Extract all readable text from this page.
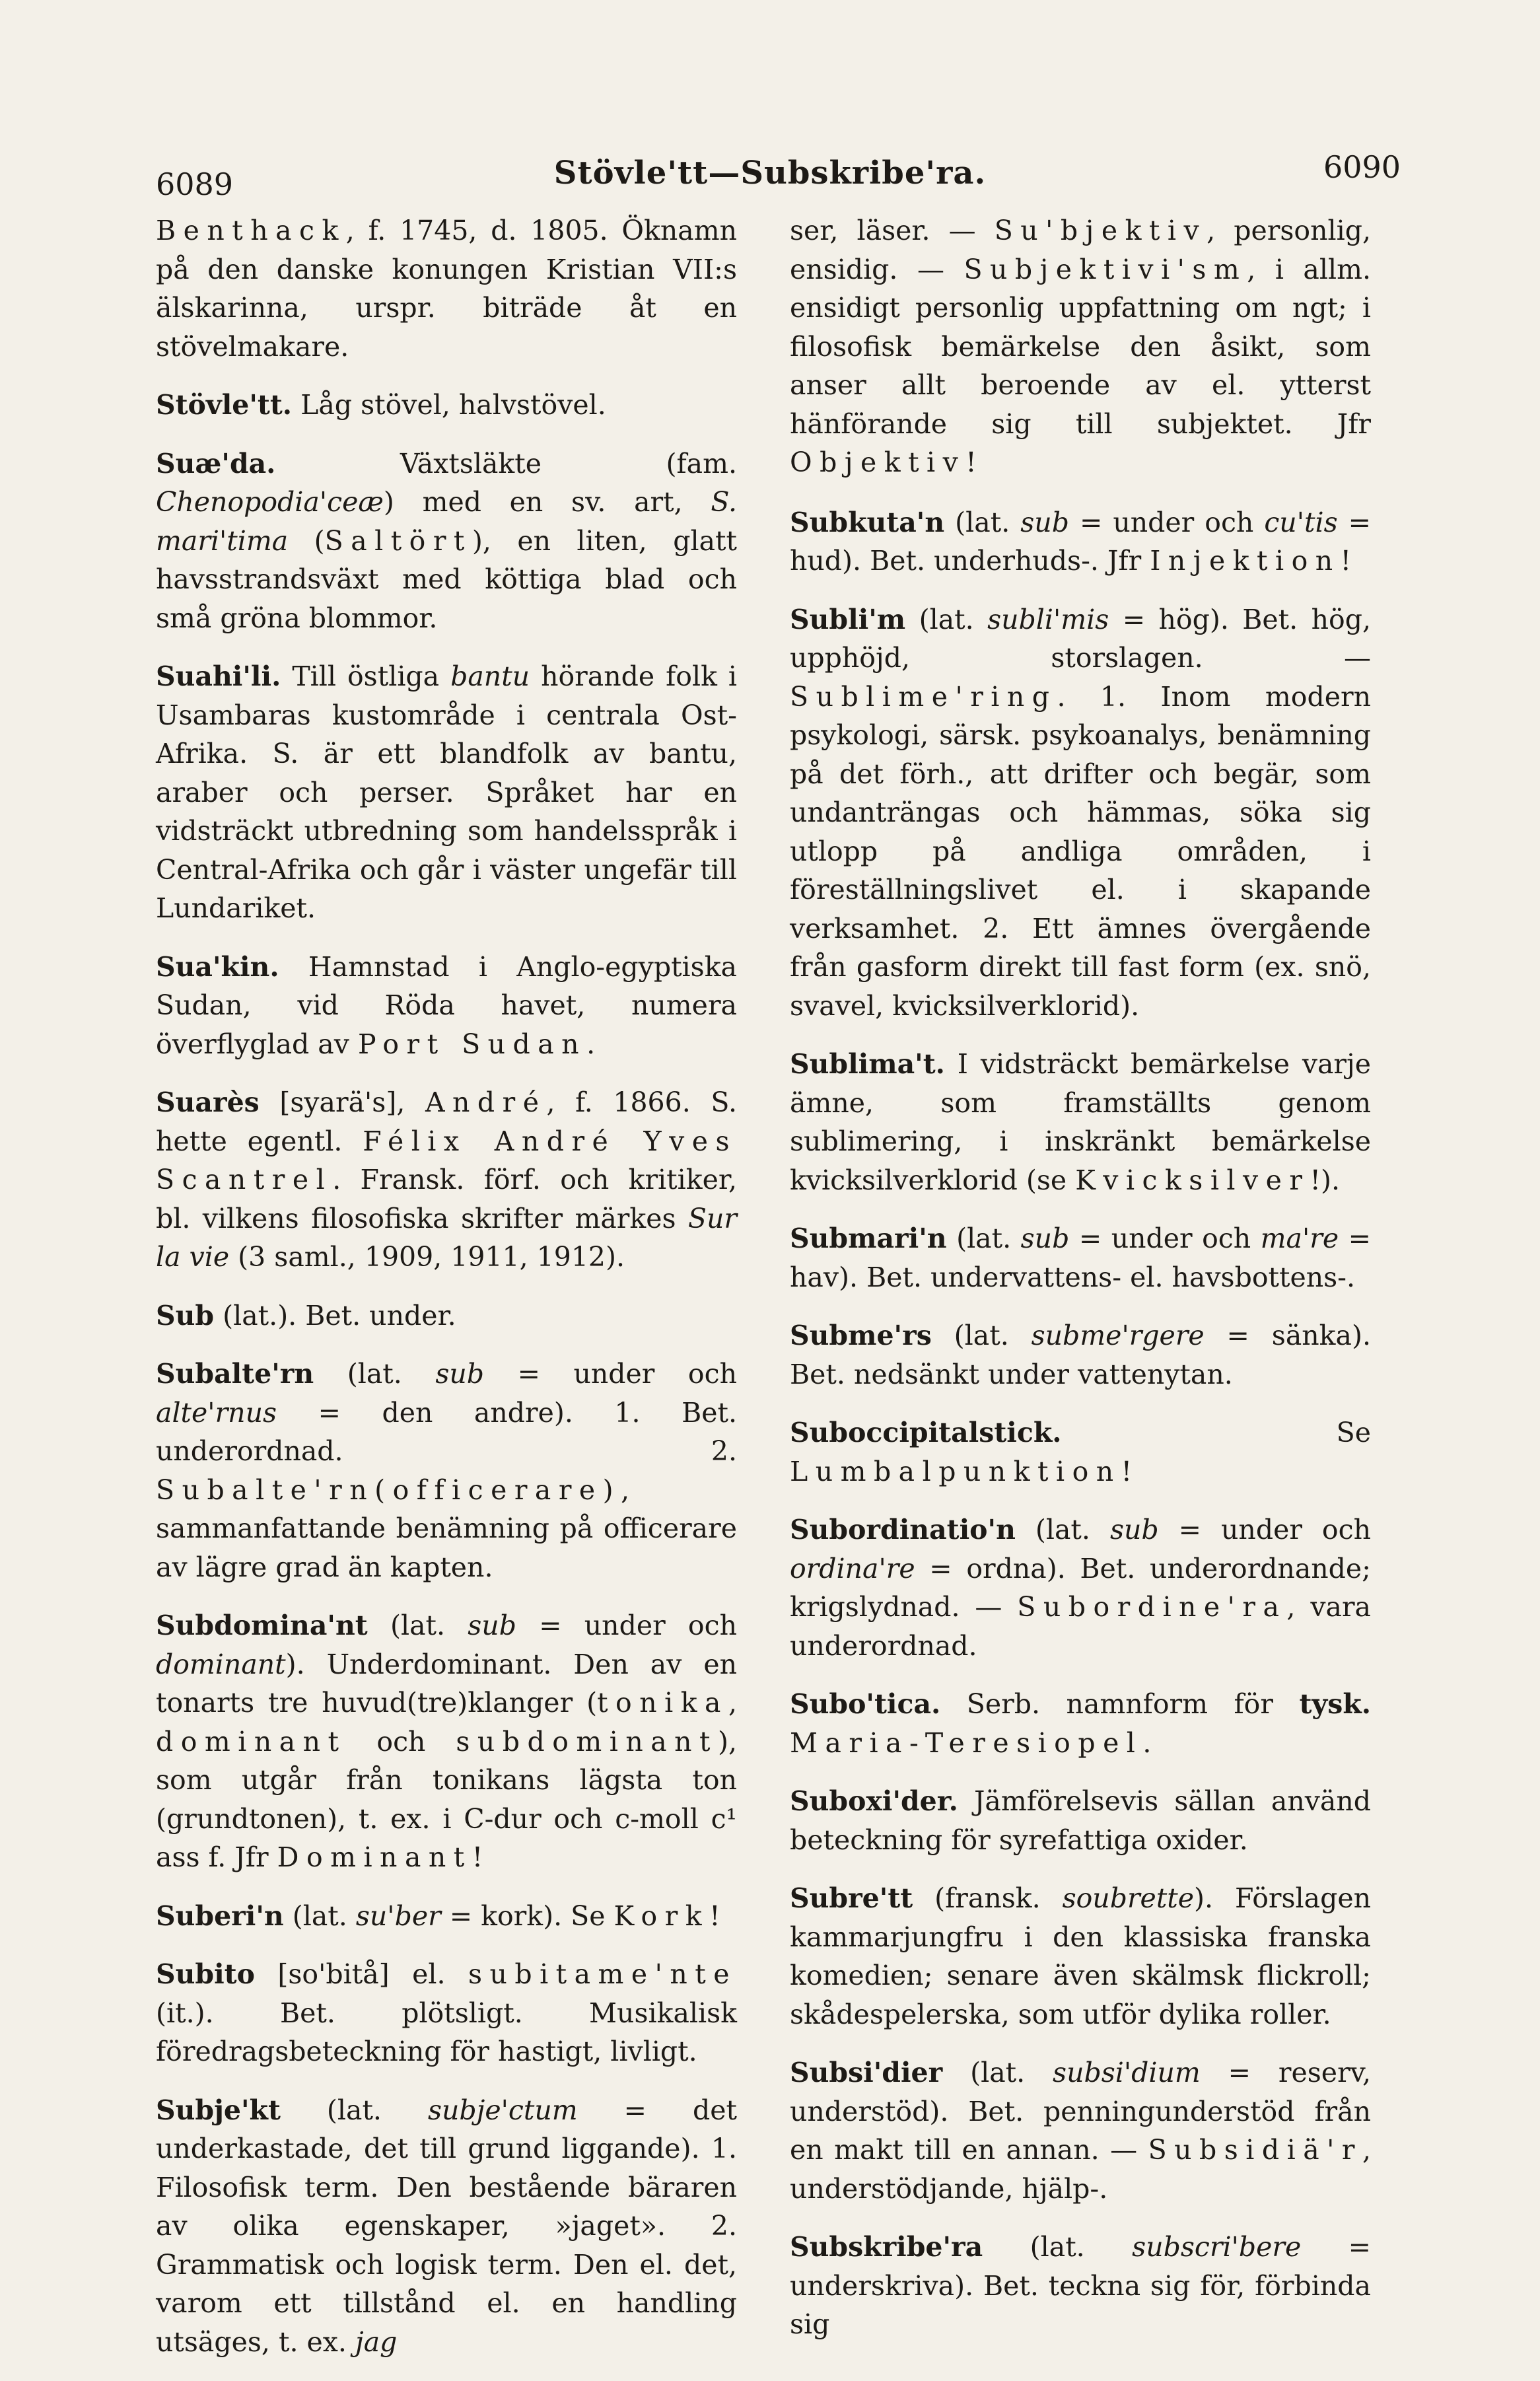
6089	Stövle'tt—Subskribe'ra.	6090

Benthack, f. 1745, d. 1805. Öknamn på den danske konungen Kristian VII:s älskarinna, urspr. biträde åt en stövelmakare.

Stövle'tt. Låg stövel, halvstövel.

Suæ'da. Växtsläkte (fam. Chenopodia'ceæ) med en sv. art, S. mari'tima (Saltört), en liten, glatt havsstrandsväxt med köttiga blad och små gröna blommor.

Suahi'li. Till östliga bantu hörande folk i Usambaras kustområde i centrala Ost-Afrika. S. är ett blandfolk av bantu, araber och perser. Språket har en vidsträckt utbredning som handelsspråk i Central-Afrika och går i väster ungefär till Lundariket.

Sua'kin. Hamnstad i Anglo-egyptiska Sudan, vid Röda havet, numera överflyglad av Port Sudan.

Suarès [syarä's], André, f. 1866. S. hette egentl. Félix André Yves Scantrel. Fransk. förf. och kritiker, bl. vilkens filosofiska skrifter märkes Sur la vie (3 saml., 1909, 1911, 1912).

Sub (lat.). Bet. under.

Subalte'rn (lat. sub = under och alte'rnus = den andre). 1. Bet. underordnad. 2. Subalte'rn(officerare), sammanfattande benämning på officerare av lägre grad än kapten.

Subdomina'nt (lat. sub = under och dominant). Underdominant. Den av en tonarts tre huvud(tre)klanger (tonika, dominant och subdominant), som utgår från tonikans lägsta ton (grundtonen), t. ex. i C-dur och c-moll c¹ ass f. Jfr Dominant!

Suberi'n (lat. su'ber = kork). Se Kork!

Subito [so'bitå] el. subitame'nte (it.). Bet. plötsligt. Musikalisk föredragsbeteckning för hastigt, livligt.

Subje'kt (lat. subje'ctum = det underkastade, det till grund liggande). 1. Filosofisk term. Den bestående bäraren av olika egenskaper, »jaget». 2. Grammatisk och logisk term. Den el. det, varom ett tillstånd el. en handling utsäges, t. ex. jag

ser, läser. — Su'bjektiv, personlig, ensidig. — Subjektivi'sm, i allm. ensidigt personlig uppfattning om ngt; i filosofisk bemärkelse den åsikt, som anser allt beroende av el. ytterst hänförande sig till subjektet. Jfr Objektiv!

Subkuta'n (lat. sub = under och cu'tis = hud). Bet. underhuds-. Jfr Injektion!

Subli'm (lat. subli'mis = hög). Bet. hög, upphöjd, storslagen. — Sublime'ring. 1. Inom modern psykologi, särsk. psykoanalys, benämning på det förh., att drifter och begär, som undanträngas och hämmas, söka sig utlopp på andliga områden, i föreställningslivet el. i skapande verksamhet. 2. Ett ämnes övergående från gasform direkt till fast form (ex. snö, svavel, kvicksilverklorid).

Sublima't. I vidsträckt bemärkelse varje ämne, som framställts genom sublimering, i inskränkt bemärkelse kvicksilverklorid (se Kvicksilver!).

Submari'n (lat. sub = under och ma're = hav). Bet. undervattens- el. havsbottens-.

Subme'rs (lat. subme'rgere = sänka). Bet. nedsänkt under vattenytan.

Suboccipitalstick. Se Lumbalpunktion!

Subordinatio'n (lat. sub = under och ordina're = ordna). Bet. underordnande; krigslydnad. — Subordine'ra, vara underordnad.

Subo'tica. Serb. namnform för tysk. Maria-Teresiopel.

Suboxi'der. Jämförelsevis sällan använd beteckning för syrefattiga oxider.

Subre'tt (fransk. soubrette). Förslagen kammarjungfru i den klassiska franska komedien; senare även skälmsk flickroll; skådespelerska, som utför dylika roller.

Subsi'dier (lat. subsi'dium = reserv, understöd). Bet. penningunderstöd från en makt till en annan. — Subsidiä'r, understödjande, hjälp-.

Subskribe'ra (lat. subscri'bere = underskriva). Bet. teckna sig för, förbinda sig
